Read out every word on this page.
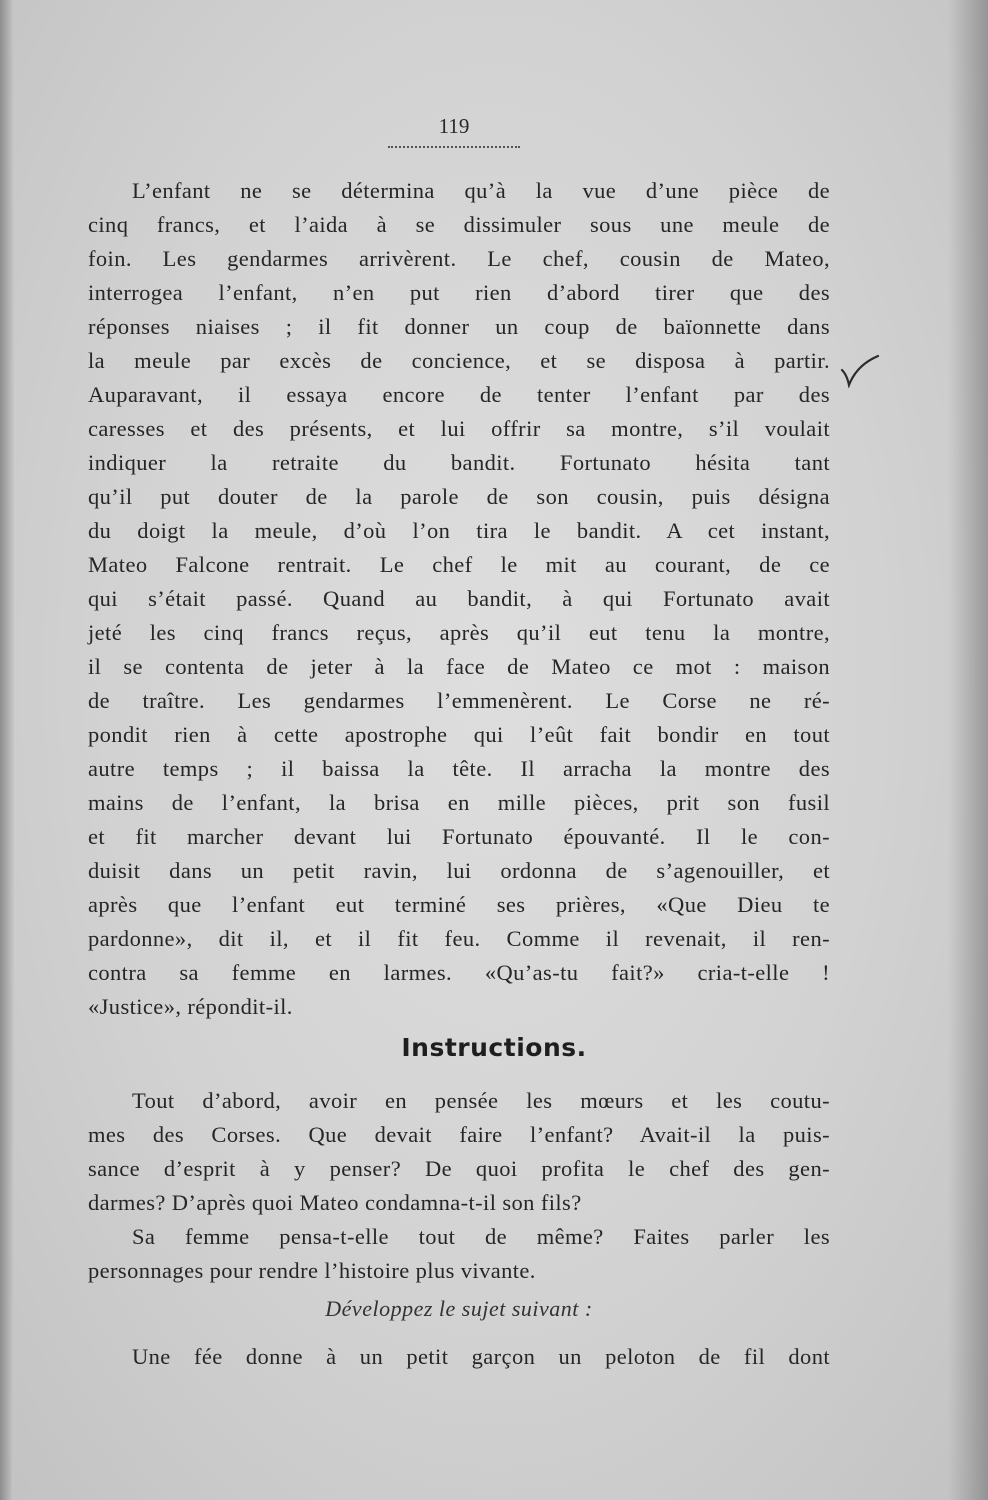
119
L’enfant ne se détermina qu’à la vue d’une pièce de
cinq francs, et l’aida à se dissimuler sous une meule de
foin. Les gendarmes arrivèrent. Le chef, cousin de Mateo,
interrogea l’enfant, n’en put rien d’abord tirer que des
réponses niaises ; il fit donner un coup de baïonnette dans
la meule par excès de concience, et se disposa à partir.
Auparavant, il essaya encore de tenter l’enfant par des
caresses et des présents, et lui offrir sa montre, s’il voulait
indiquer la retraite du bandit. Fortunato hésita tant
qu’il put douter de la parole de son cousin, puis désigna
du doigt la meule, d’où l’on tira le bandit. A cet instant,
Mateo Falcone rentrait. Le chef le mit au courant, de ce
qui s’était passé. Quand au bandit, à qui Fortunato avait
jeté les cinq francs reçus, après qu’il eut tenu la montre,
il se contenta de jeter à la face de Mateo ce mot : maison
de traître. Les gendarmes l’emmenèrent. Le Corse ne ré-
pondit rien à cette apostrophe qui l’eût fait bondir en tout
autre temps ; il baissa la tête. Il arracha la montre des
mains de l’enfant, la brisa en mille pièces, prit son fusil
et fit marcher devant lui Fortunato épouvanté. Il le con-
duisit dans un petit ravin, lui ordonna de s’agenouiller, et
après que l’enfant eut terminé ses prières, «Que Dieu te
pardonne», dit il, et il fit feu. Comme il revenait, il ren-
contra sa femme en larmes. «Qu’as-tu fait?» cria-t-elle !
«Justice», répondit-il.
Instructions.
Tout d’abord, avoir en pensée les mœurs et les coutu-
mes des Corses. Que devait faire l’enfant? Avait-il la puis-
sance d’esprit à y penser? De quoi profita le chef des gen-
darmes? D’après quoi Mateo condamna-t-il son fils?
Sa femme pensa-t-elle tout de même? Faites parler les
personnages pour rendre l’histoire plus vivante.
Développez le sujet suivant :
Une fée donne à un petit garçon un peloton de fil dont
